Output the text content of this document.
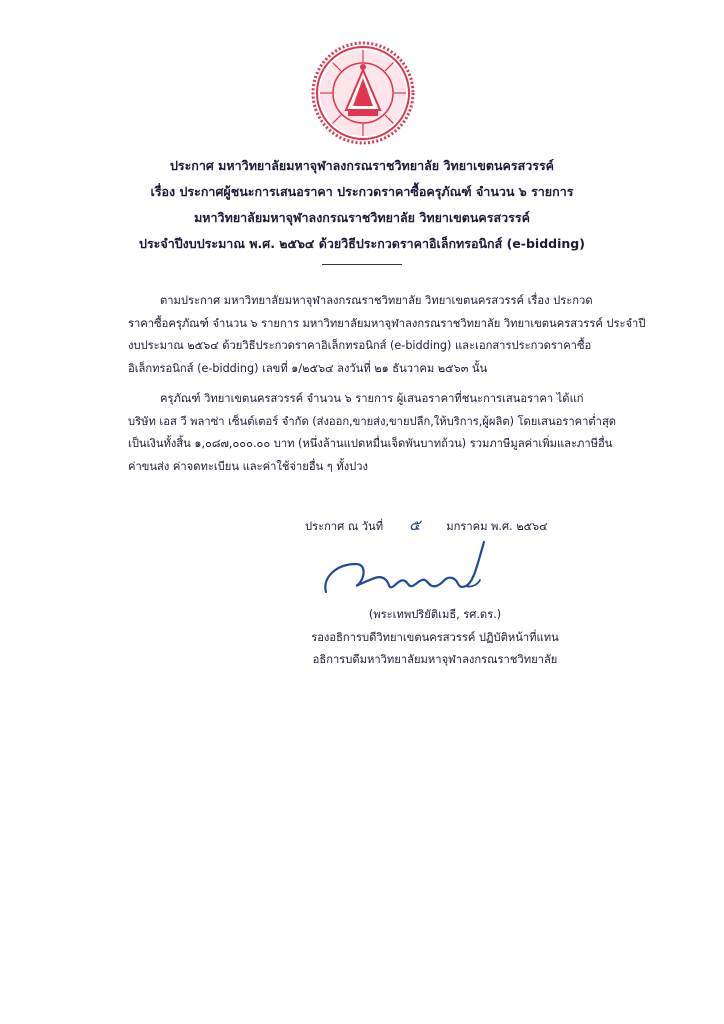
ประกาศ มหาวิทยาลัยมหาจุฬาลงกรณราชวิทยาลัย วิทยาเขตนครสวรรค์
เรื่อง ประกาศผู้ชนะการเสนอราคา ประกวดราคาซื้อครุภัณฑ์ จำนวน ๖ รายการ
มหาวิทยาลัยมหาจุฬาลงกรณราชวิทยาลัย วิทยาเขตนครสวรรค์
ประจำปีงบประมาณ พ.ศ. ๒๕๖๔ ด้วยวิธีประกวดราคาอิเล็กทรอนิกส์ (e-bidding)
ตามประกาศ มหาวิทยาลัยมหาจุฬาลงกรณราชวิทยาลัย วิทยาเขตนครสวรรค์ เรื่อง ประกวด
ราคาซื้อครุภัณฑ์ จำนวน ๖ รายการ มหาวิทยาลัยมหาจุฬาลงกรณราชวิทยาลัย วิทยาเขตนครสวรรค์ ประจำปี
งบประมาณ ๒๕๖๔ ด้วยวิธีประกวดราคาอิเล็กทรอนิกส์ (e-bidding) และเอกสารประกวดราคาซื้อ
อิเล็กทรอนิกส์ (e-bidding) เลขที่ ๑/๒๕๖๔ ลงวันที่ ๒๑ ธันวาคม ๒๕๖๓ นั้น
ครุภัณฑ์ วิทยาเขตนครสวรรค์ จำนวน ๖ รายการ ผู้เสนอราคาที่ชนะการเสนอราคา ได้แก่
บริษัท เอส วี พลาซ่า เซ็นต์เตอร์ จำกัด (ส่งออก,ขายส่ง,ขายปลีก,ให้บริการ,ผู้ผลิต) โดยเสนอราคาต่ำสุด
เป็นเงินทั้งสิ้น ๑,๐๘๗,๐๐๐.๐๐ บาท (หนึ่งล้านแปดหมื่นเจ็ดพันบาทถ้วน) รวมภาษีมูลค่าเพิ่มและภาษีอื่น
ค่าขนส่ง ค่าจดทะเบียน และค่าใช้จ่ายอื่น ๆ ทั้งปวง
ประกาศ ณ วันที่ ๕ มกราคม พ.ศ. ๒๕๖๔
(พระเทพปริยัติเมธี, รศ.ดร.)
รองอธิการบดีวิทยาเขตนครสวรรค์ ปฏิบัติหน้าที่แทน
อธิการบดีมหาวิทยาลัยมหาจุฬาลงกรณราชวิทยาลัย
